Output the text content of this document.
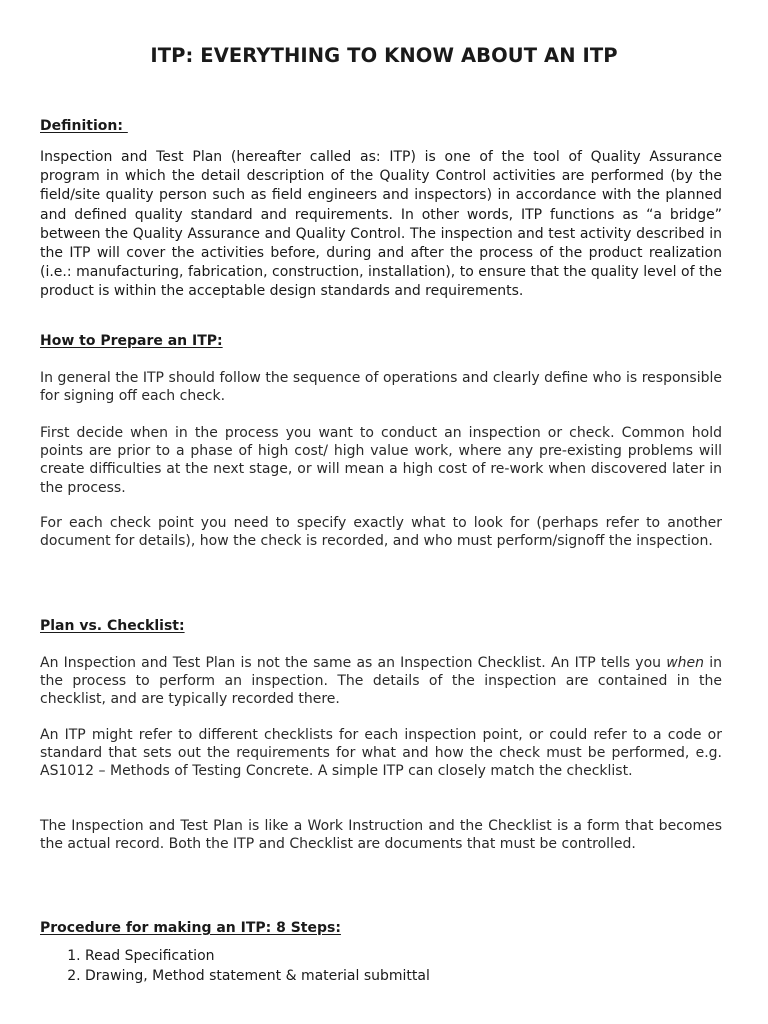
ITP: EVERYTHING TO KNOW ABOUT AN ITP
Definition:

Inspection and Test Plan (hereafter called as: ITP) is one of the tool of Quality Assurance program in which the detail description of the Quality Control activities are performed (by the field/site quality person such as field engineers and inspectors) in accordance with the planned and defined quality standard and requirements. In other words, ITP functions as “a bridge” between the Quality Assurance and Quality Control. The inspection and test activity described in the ITP will cover the activities before, during and after the process of the product realization (i.e.: manufacturing, fabrication, construction, installation), to ensure that the quality level of the product is within the acceptable design standards and requirements.

How to Prepare an ITP:

In general the ITP should follow the sequence of operations and clearly define who is responsible for signing off each check.

First decide when in the process you want to conduct an inspection or check. Common hold points are prior to a phase of high cost/ high value work, where any pre-existing problems will create difficulties at the next stage, or will mean a high cost of re-work when discovered later in the process.

For each check point you need to specify exactly what to look for (perhaps refer to another document for details), how the check is recorded, and who must perform/signoff the inspection.

Plan vs. Checklist:

An Inspection and Test Plan is not the same as an Inspection Checklist. An ITP tells you when in the process to perform an inspection. The details of the inspection are contained in the checklist, and are typically recorded there.

An ITP might refer to different checklists for each inspection point, or could refer to a code or standard that sets out the requirements for what and how the check must be performed, e.g. AS1012 – Methods of Testing Concrete. A simple ITP can closely match the checklist.

The Inspection and Test Plan is like a Work Instruction and the Checklist is a form that becomes the actual record. Both the ITP and Checklist are documents that must be controlled.

Procedure for making an ITP: 8 Steps:
1. Read Specification
2. Drawing, Method statement & material submittal
